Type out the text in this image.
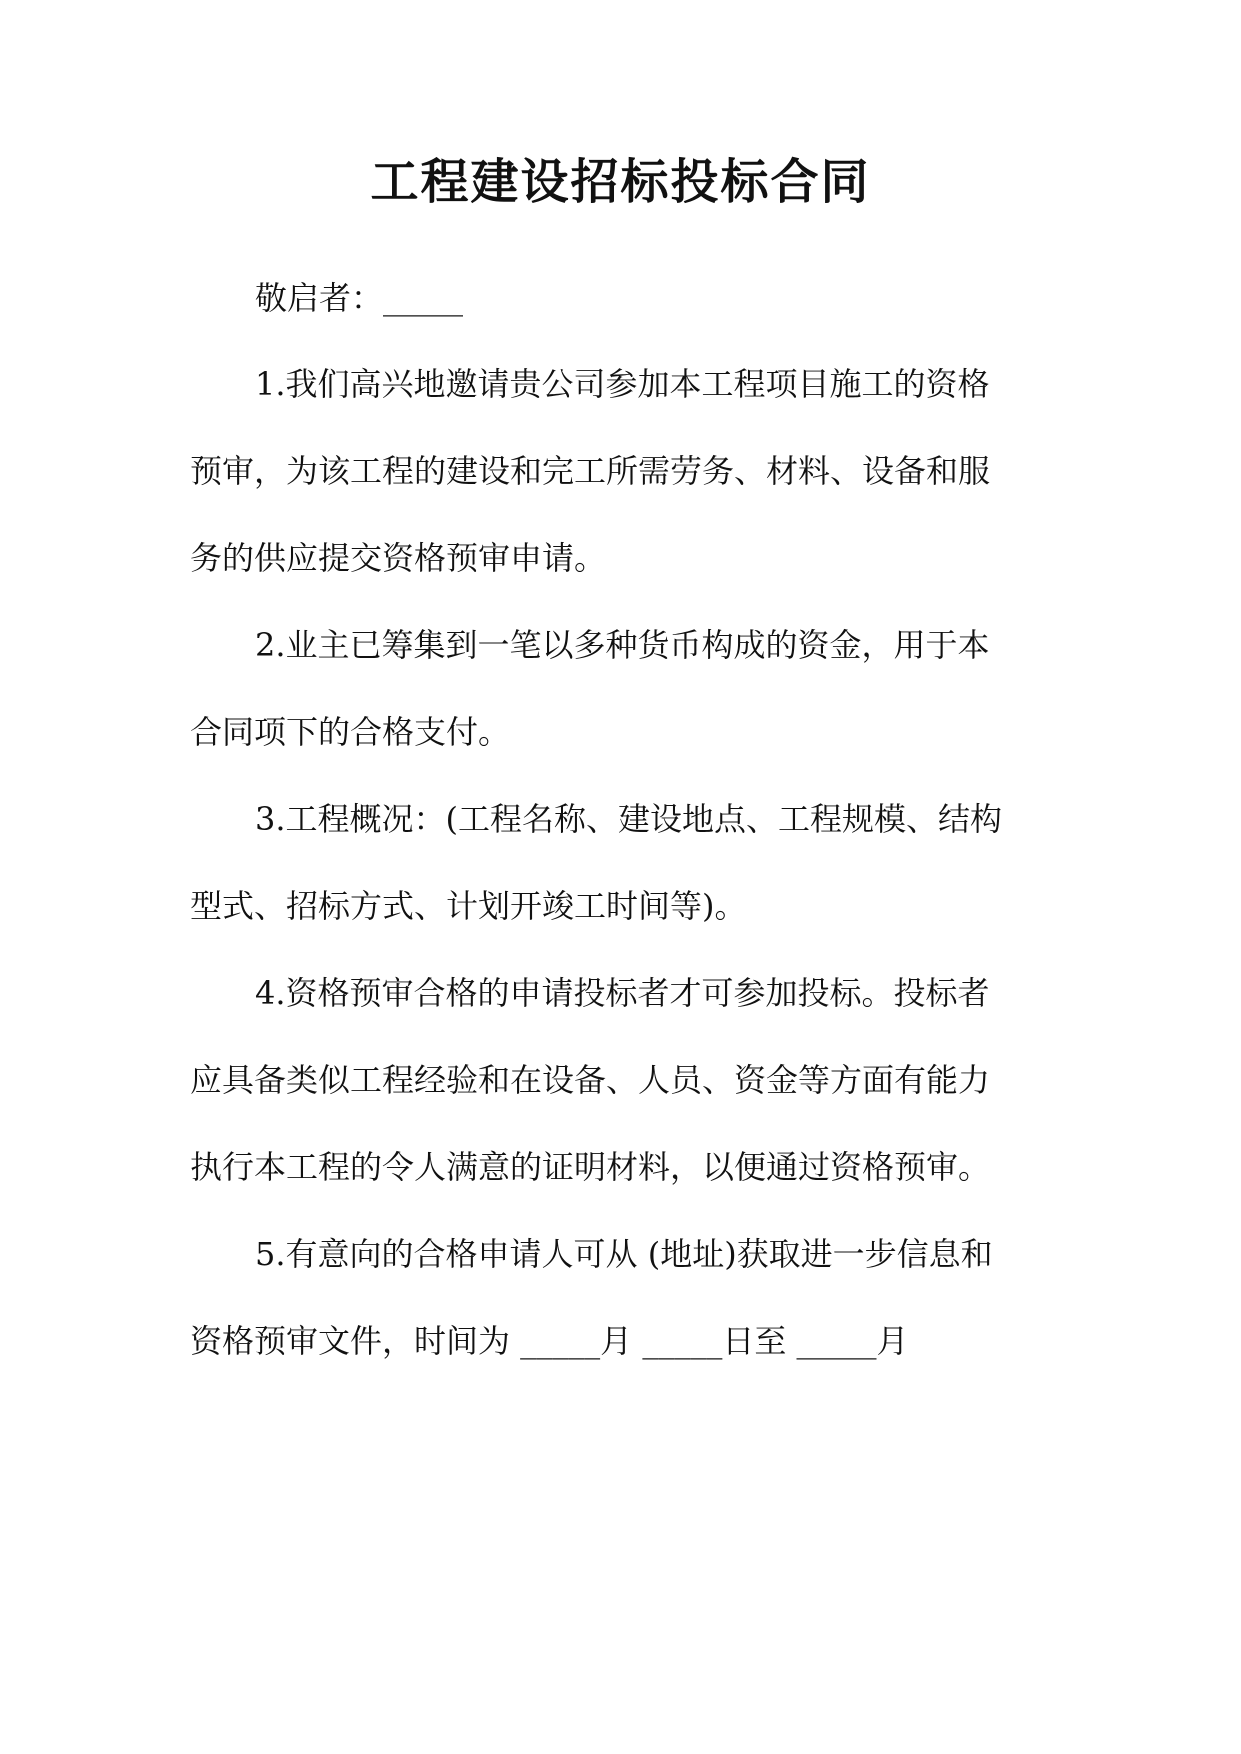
工程建设招标投标合同
敬启者：_____
1.我们高兴地邀请贵公司参加本工程项目施工的资格
预审，为该工程的建设和完工所需劳务、材料、设备和服
务的供应提交资格预审申请。
2.业主已筹集到一笔以多种货币构成的资金，用于本
合同项下的合格支付。
3.工程概况：(工程名称、建设地点、工程规模、结构
型式、招标方式、计划开竣工时间等)。
4.资格预审合格的申请投标者才可参加投标。投标者
应具备类似工程经验和在设备、人员、资金等方面有能力
执行本工程的令人满意的证明材料，以便通过资格预审。
5.有意向的合格申请人可从 (地址)获取进一步信息和
资格预审文件，时间为 _____月 _____日至 _____月
